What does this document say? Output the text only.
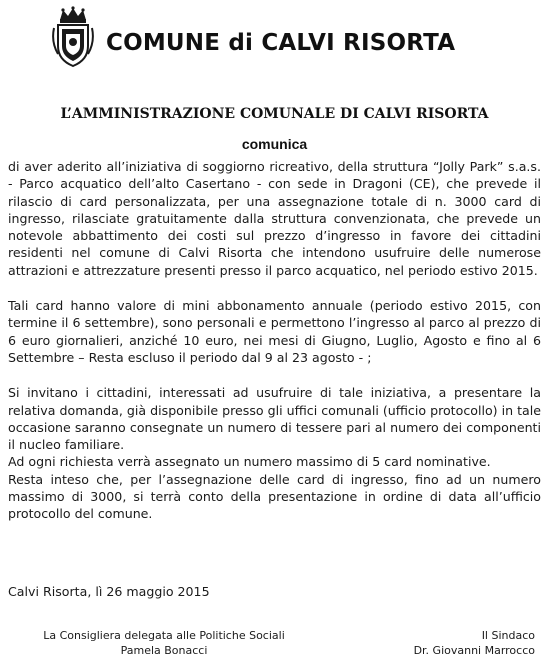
COMUNE di CALVI RISORTA
L’AMMINISTRAZIONE COMUNALE DI CALVI RISORTA
comunica

di aver aderito all’iniziativa di soggiorno ricreativo, della struttura “Jolly Park” s.a.s. - Parco acquatico dell’alto Casertano - con sede in Dragoni (CE), che prevede il rilascio di card personalizzata, per una assegnazione totale di n. 3000 card di ingresso, rilasciate gratuitamente dalla struttura convenzionata, che prevede un notevole abbattimento dei costi sul prezzo d’ingresso in favore dei cittadini residenti nel comune di Calvi Risorta che intendono usufruire delle numerose attrazioni e attrezzature presenti presso il parco acquatico, nel periodo estivo 2015.

Tali card hanno valore di mini abbonamento annuale (periodo estivo 2015, con termine il 6 settembre), sono personali e permettono l’ingresso al parco al prezzo di 6 euro giornalieri, anziché 10 euro, nei mesi di Giugno, Luglio, Agosto e fino al 6 Settembre – Resta escluso il periodo dal 9 al 23 agosto - ;

Si invitano i cittadini, interessati ad usufruire di tale iniziativa, a presentare la relativa domanda, già disponibile presso gli uffici comunali (ufficio protocollo) in tale occasione saranno consegnate un numero di tessere pari al numero dei componenti il nucleo familiare.

Ad ogni richiesta verrà assegnato un numero massimo di 5 card nominative.

Resta inteso che, per l’assegnazione delle card di ingresso, fino ad un numero massimo di 3000, si terrà conto della presentazione in ordine di data all’ufficio protocollo del comune.

Calvi Risorta, lì 26 maggio 2015
La Consigliera delegata alle Politiche Sociali
Pamela Bonacci
Il Sindaco
Dr. Giovanni Marrocco
